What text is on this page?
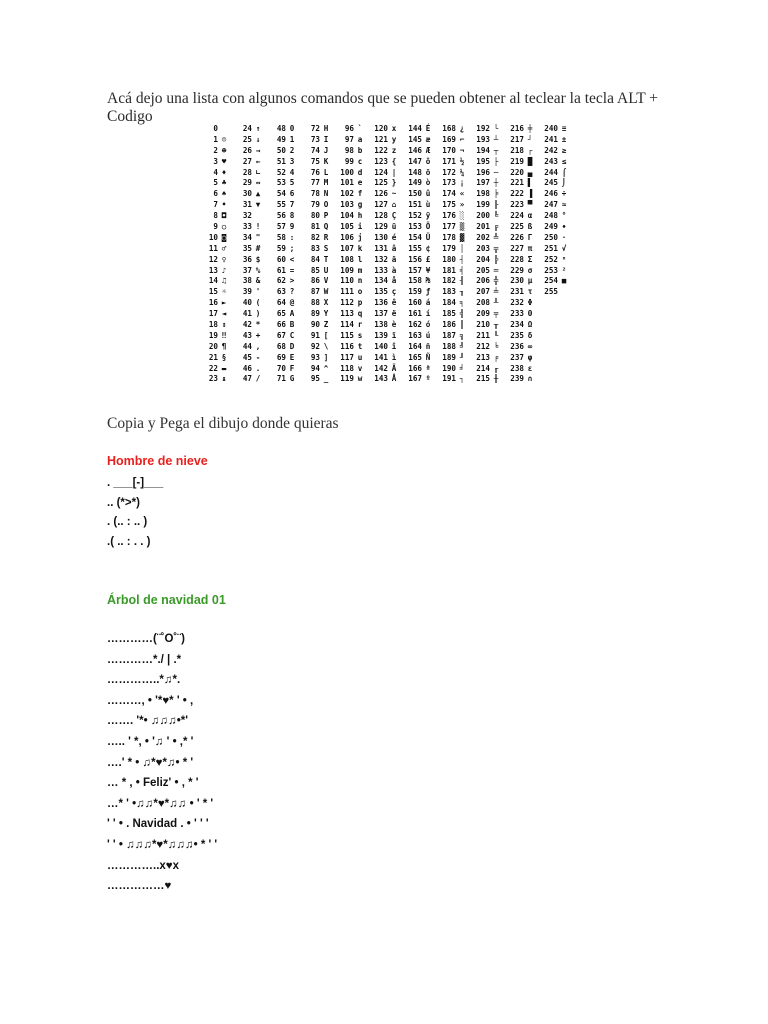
Acá dejo una lista con algunos comandos que se pueden obtener al teclear la tecla ALT + Codigo
0
1 ☺
2 ☻
3 ♥
4 ♦
5 ♣
6 ♠
7 •
8 ◘
9 ○
10 ◙
11 ♂
12 ♀
13 ♪
14 ♫
15 ☼
16 ►
17 ◄
18 ↕
19 ‼
20 ¶
21 §
22 ▬
23 ↨
24 ↑
25 ↓
26 →
27 ←
28 ∟
29 ↔
30 ▲
31 ▼
32
33 !
34 "
35 #
36 $
37 %
38 &
39 '
40 (
41 )
42 *
43 +
44 ,
45 -
46 .
47 /
48 0
49 1
50 2
51 3
52 4
53 5
54 6
55 7
56 8
57 9
58 :
59 ;
60 <
61 =
62 >
63 ?
64 @
65 A
66 B
67 C
68 D
69 E
70 F
71 G
72 H
73 I
74 J
75 K
76 L
77 M
78 N
79 O
80 P
81 Q
82 R
83 S
84 T
85 U
86 V
87 W
88 X
89 Y
90 Z
91 [
92 \
93 ]
94 ^
95 _
96 `
97 a
98 b
99 c
100 d
101 e
102 f
103 g
104 h
105 i
106 j
107 k
108 l
109 m
110 n
111 o
112 p
113 q
114 r
115 s
116 t
117 u
118 v
119 w
120 x
121 y
122 z
123 {
124 |
125 }
126 ~
127 ⌂
128 Ç
129 ü
130 é
131 â
132 ä
133 à
134 å
135 ç
136 ê
137 ë
138 è
139 ï
140 î
141 ì
142 Ä
143 Å
144 É
145 æ
146 Æ
147 ô
148 ö
149 ò
150 û
151 ù
152 ÿ
153 Ö
154 Ü
155 ¢
156 £
157 ¥
158 ₧
159 ƒ
160 á
161 í
162 ó
163 ú
164 ñ
165 Ñ
166 ª
167 º
168 ¿
169 ⌐
170 ¬
171 ½
172 ¼
173 ¡
174 «
175 »
176 ░
177 ▒
178 ▓
179 │
180 ┤
181 ╡
182 ╢
183 ╖
184 ╕
185 ╣
186 ║
187 ╗
188 ╝
189 ╜
190 ╛
191 ┐
192 └
193 ┴
194 ┬
195 ├
196 ─
197 ┼
198 ╞
199 ╟
200 ╚
201 ╔
202 ╩
203 ╦
204 ╠
205 ═
206 ╬
207 ╧
208 ╨
209 ╤
210 ╥
211 ╙
212 ╘
213 ╒
214 ╓
215 ╫
216 ╪
217 ┘
218 ┌
219 █
220 ▄
221 ▌
222 ▐
223 ▀
224 α
225 ß
226 Γ
227 π
228 Σ
229 σ
230 µ
231 τ
232 Φ
233 Θ
234 Ω
235 δ
236 ∞
237 φ
238 ε
239 ∩
240 ≡
241 ±
242 ≥
243 ≤
244 ⌠
245 ⌡
246 ÷
247 ≈
248 °
249 ∙
250 ·
251 √
252 ⁿ
253 ²
254 ■
255
Copia y Pega el dibujo donde quieras
Hombre de nieve
. ___[-]___
.. (*>*)
. (.. : .. )
.( .. : . . )
Árbol de navidad 01
…………(¨˚O˚¨)
…………*./ | .*
…………..*♫*.
………, • '*♥* ' • ,
……. '*• ♫♫♫•*'
….. ' *, • '♫ ' • ,* '
….' * • ♫*♥*♫• * '
… * , • Feliz' • , * '
…* ' •♫♫*♥*♫♫ • ' * '
' ' • . Navidad . • ' ' '
' ' • ♫♫♫*♥*♫♫♫• * ' '
…………..x♥x
……………♥
